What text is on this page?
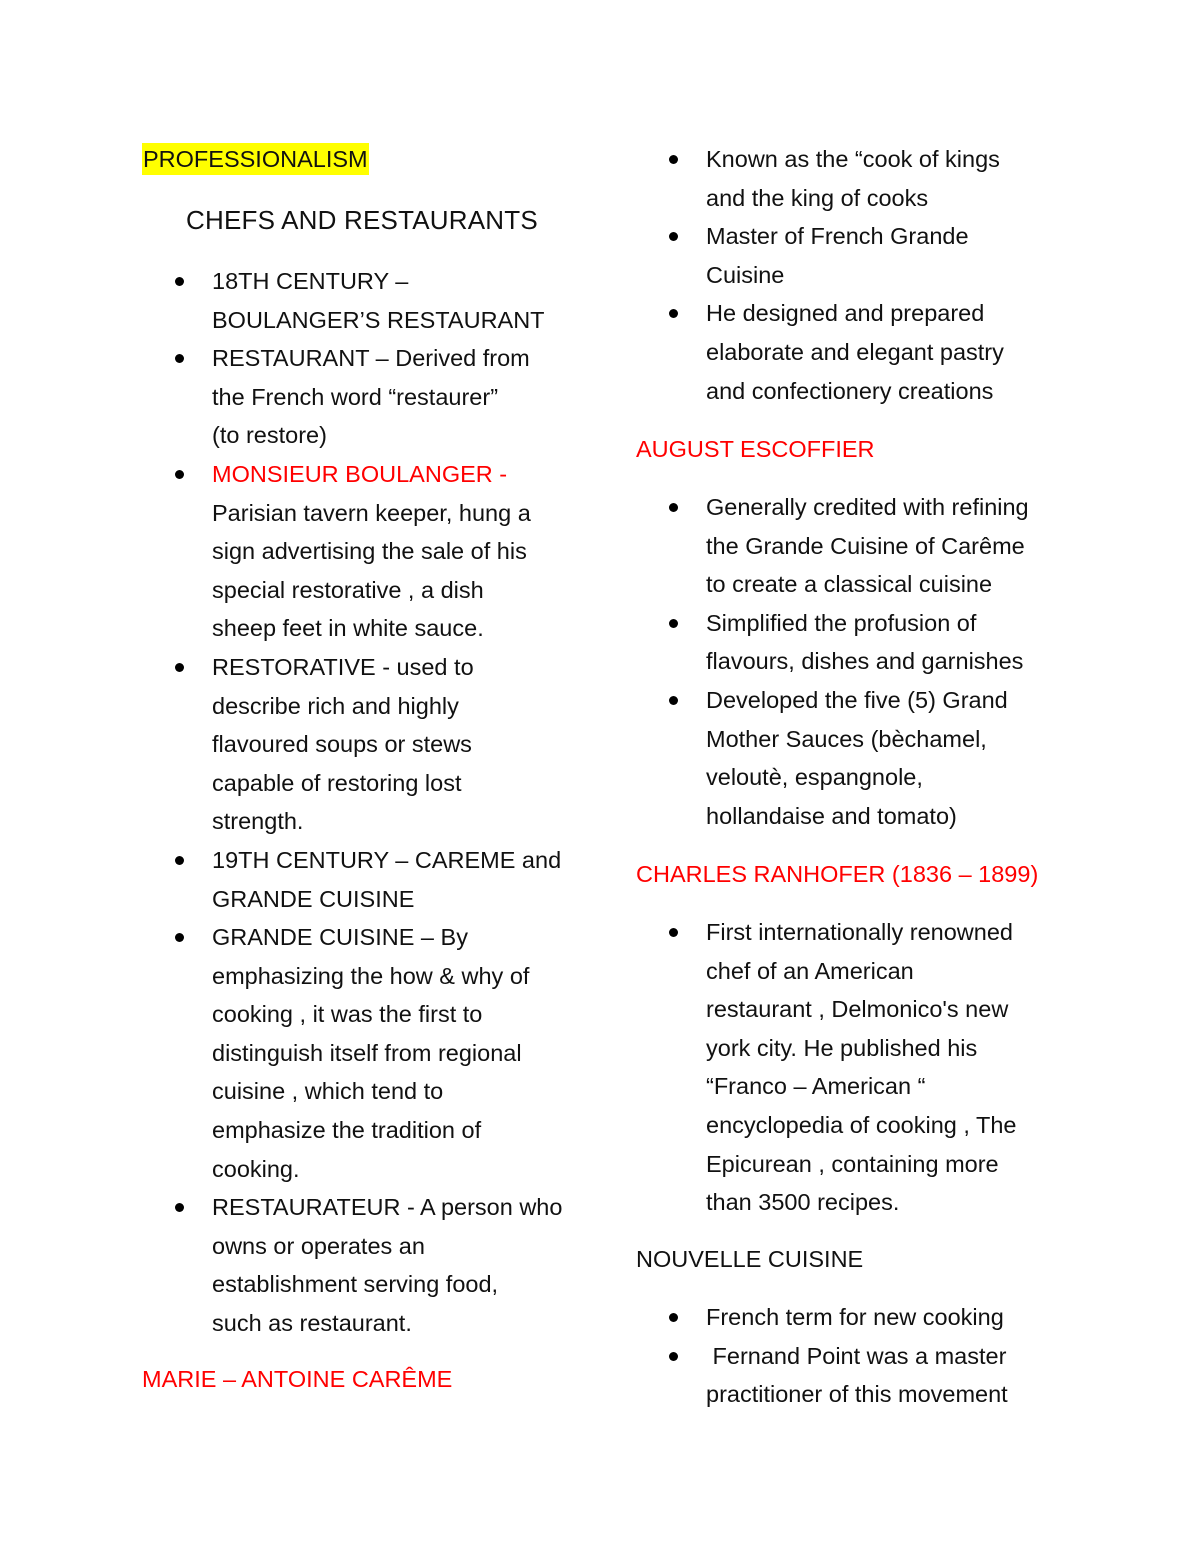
PROFESSIONALISM
CHEFS AND RESTAURANTS
18TH CENTURY –
BOULANGER’S RESTAURANT
RESTAURANT – Derived from
the French word “restaurer”
(to restore)
MONSIEUR BOULANGER -
Parisian tavern keeper, hung a
sign advertising the sale of his
special restorative , a dish
sheep feet in white sauce.
RESTORATIVE - used to
describe rich and highly
flavoured soups or stews
capable of restoring lost
strength.
19TH CENTURY – CAREME and
GRANDE CUISINE
GRANDE CUISINE – By
emphasizing the how & why of
cooking , it was the first to
distinguish itself from regional
cuisine , which tend to
emphasize the tradition of
cooking.
RESTAURATEUR - A person who
owns or operates an
establishment serving food,
such as restaurant.
MARIE – ANTOINE CARÊME
Known as the “cook of kings
and the king of cooks
Master of French Grande
Cuisine
He designed and prepared
elaborate and elegant pastry
and confectionery creations
AUGUST ESCOFFIER
Generally credited with refining
the Grande Cuisine of Carême
to create a classical cuisine
Simplified the profusion of
flavours, dishes and garnishes
Developed the five (5) Grand
Mother Sauces (bèchamel,
veloutè, espangnole,
hollandaise and tomato)
CHARLES RANHOFER (1836 – 1899)
First internationally renowned
chef of an American
restaurant , Delmonico's new
york city. He published his
“Franco – American “
encyclopedia of cooking , The
Epicurean , containing more
than 3500 recipes.
NOUVELLE CUISINE
French term for new cooking
Fernand Point was a master
practitioner of this movement
